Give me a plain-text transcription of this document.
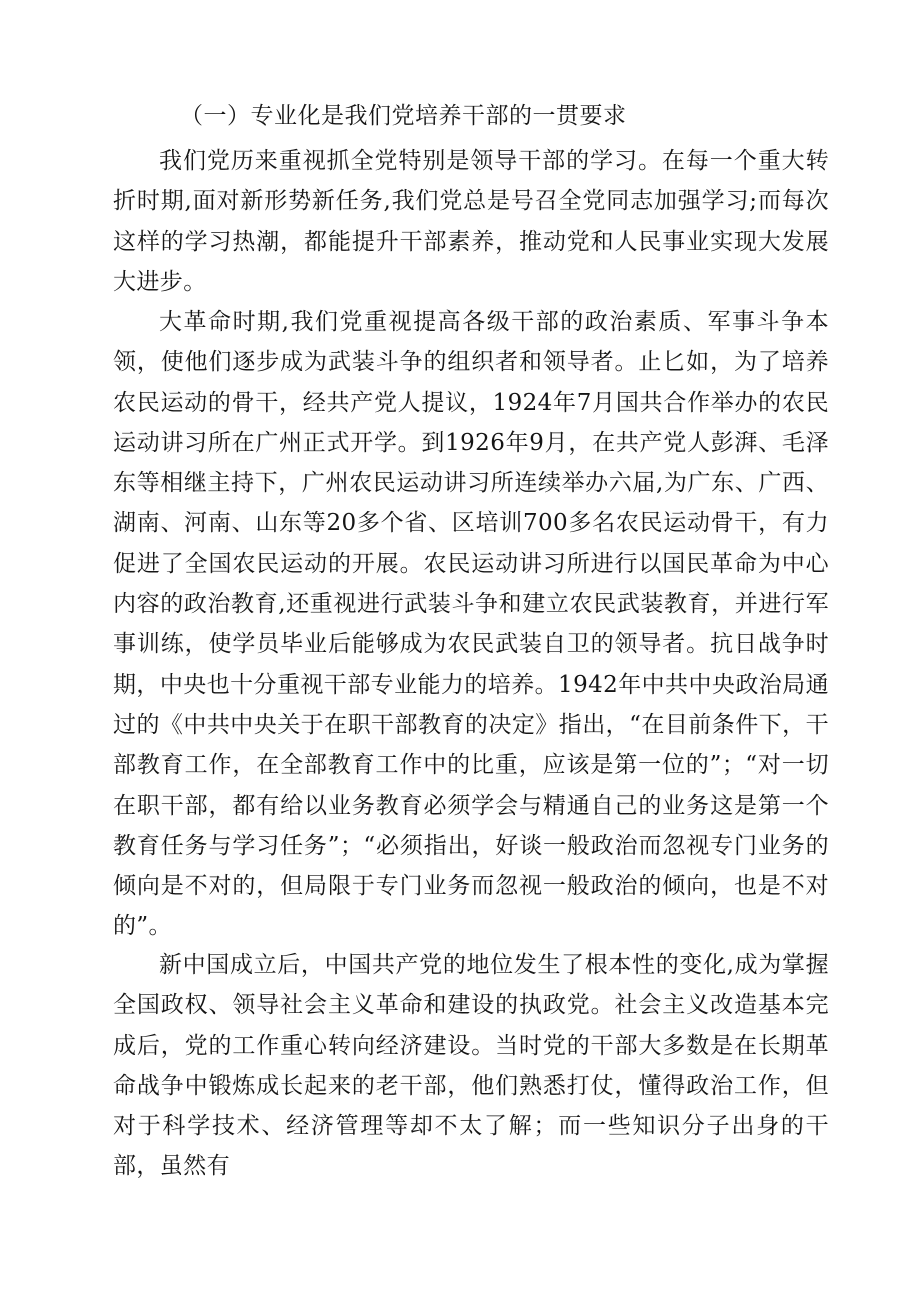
（一）专业化是我们党培养干部的一贯要求

我们党历来重视抓全党特别是领导干部的学习。在每一个重大转折时期,面对新形势新任务,我们党总是号召全党同志加强学习;而每次这样的学习热潮，都能提升干部素养，推动党和人民事业实现大发展大进步。

大革命时期,我们党重视提高各级干部的政治素质、军事斗争本领，使他们逐步成为武装斗争的组织者和领导者。止匕如，为了培养农民运动的骨干，经共产党人提议，1924年7月国共合作举办的农民运动讲习所在广州正式开学。到1926年9月，在共产党人彭湃、毛泽东等相继主持下，广州农民运动讲习所连续举办六届,为广东、广西、湖南、河南、山东等20多个省、区培训700多名农民运动骨干，有力促进了全国农民运动的开展。农民运动讲习所进行以国民革命为中心内容的政治教育,还重视进行武装斗争和建立农民武装教育，并进行军事训练，使学员毕业后能够成为农民武装自卫的领导者。抗日战争时期，中央也十分重视干部专业能力的培养。1942年中共中央政治局通过的《中共中央关于在职干部教育的决定》指出，“在目前条件下，干部教育工作，在全部教育工作中的比重，应该是第一位的”；“对一切在职干部，都有给以业务教育必须学会与精通自己的业务这是第一个教育任务与学习任务”；“必须指出，好谈一般政治而忽视专门业务的倾向是不对的，但局限于专门业务而忽视一般政治的倾向，也是不对的”。

新中国成立后，中国共产党的地位发生了根本性的变化,成为掌握全国政权、领导社会主义革命和建设的执政党。社会主义改造基本完成后，党的工作重心转向经济建设。当时党的干部大多数是在长期革命战争中锻炼成长起来的老干部，他们熟悉打仗，懂得政治工作，但对于科学技术、经济管理等却不太了解；而一些知识分子出身的干部，虽然有
